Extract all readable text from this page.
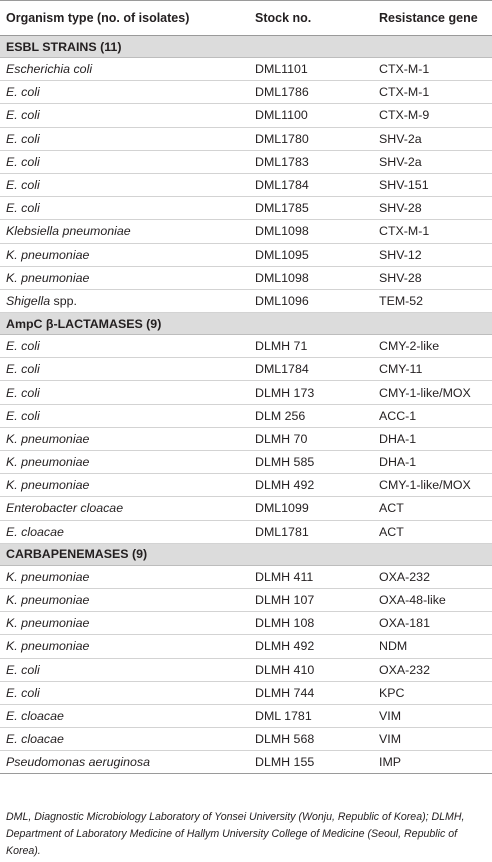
Organism type (no. of isolates)	Stock no.	Resistance gene
ESBL STRAINS (11)
Escherichia coli	DML1101	CTX-M-1
E. coli	DML1786	CTX-M-1
E. coli	DML1100	CTX-M-9
E. coli	DML1780	SHV-2a
E. coli	DML1783	SHV-2a
E. coli	DML1784	SHV-151
E. coli	DML1785	SHV-28
Klebsiella pneumoniae	DML1098	CTX-M-1
K. pneumoniae	DML1095	SHV-12
K. pneumoniae	DML1098	SHV-28
Shigella spp.	DML1096	TEM-52
AmpC β-LACTAMASES (9)
E. coli	DLMH 71	CMY-2-like
E. coli	DML1784	CMY-11
E. coli	DLMH 173	CMY-1-like/MOX
E. coli	DLM 256	ACC-1
K. pneumoniae	DLMH 70	DHA-1
K. pneumoniae	DLMH 585	DHA-1
K. pneumoniae	DLMH 492	CMY-1-like/MOX
Enterobacter cloacae	DML1099	ACT
E. cloacae	DML1781	ACT
CARBAPENEMASES (9)
K. pneumoniae	DLMH 411	OXA-232
K. pneumoniae	DLMH 107	OXA-48-like
K. pneumoniae	DLMH 108	OXA-181
K. pneumoniae	DLMH 492	NDM
E. coli	DLMH 410	OXA-232
E. coli	DLMH 744	KPC
E. cloacae	DML 1781	VIM
E. cloacae	DLMH 568	VIM
Pseudomonas aeruginosa	DLMH 155	IMP
DML, Diagnostic Microbiology Laboratory of Yonsei University (Wonju, Republic of Korea); DLMH, Department of Laboratory Medicine of Hallym University College of Medicine (Seoul, Republic of Korea).
